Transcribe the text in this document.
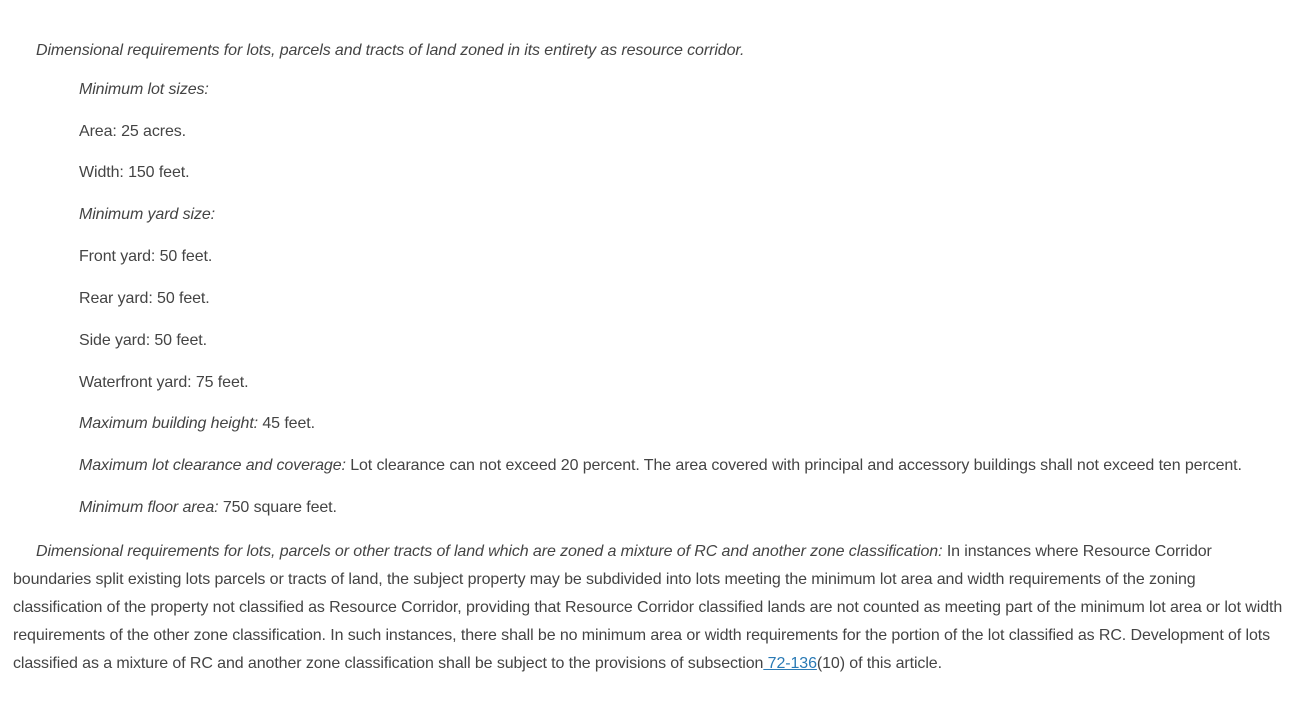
Dimensional requirements for lots, parcels and tracts of land zoned in its entirety as resource corridor.
Minimum lot sizes:
Area: 25 acres.
Width: 150 feet.
Minimum yard size:
Front yard: 50 feet.
Rear yard: 50 feet.
Side yard: 50 feet.
Waterfront yard: 75 feet.
Maximum building height: 45 feet.
Maximum lot clearance and coverage: Lot clearance can not exceed 20 percent. The area covered with principal and accessory buildings shall not exceed ten percent.
Minimum floor area: 750 square feet.
Dimensional requirements for lots, parcels or other tracts of land which are zoned a mixture of RC and another zone classification: In instances where Resource Corridor boundaries split existing lots parcels or tracts of land, the subject property may be subdivided into lots meeting the minimum lot area and width requirements of the zoning classification of the property not classified as Resource Corridor, providing that Resource Corridor classified lands are not counted as meeting part of the minimum lot area or lot width requirements of the other zone classification. In such instances, there shall be no minimum area or width requirements for the portion of the lot classified as RC. Development of lots classified as a mixture of RC and another zone classification shall be subject to the provisions of subsection 72-136(10) of this article.
